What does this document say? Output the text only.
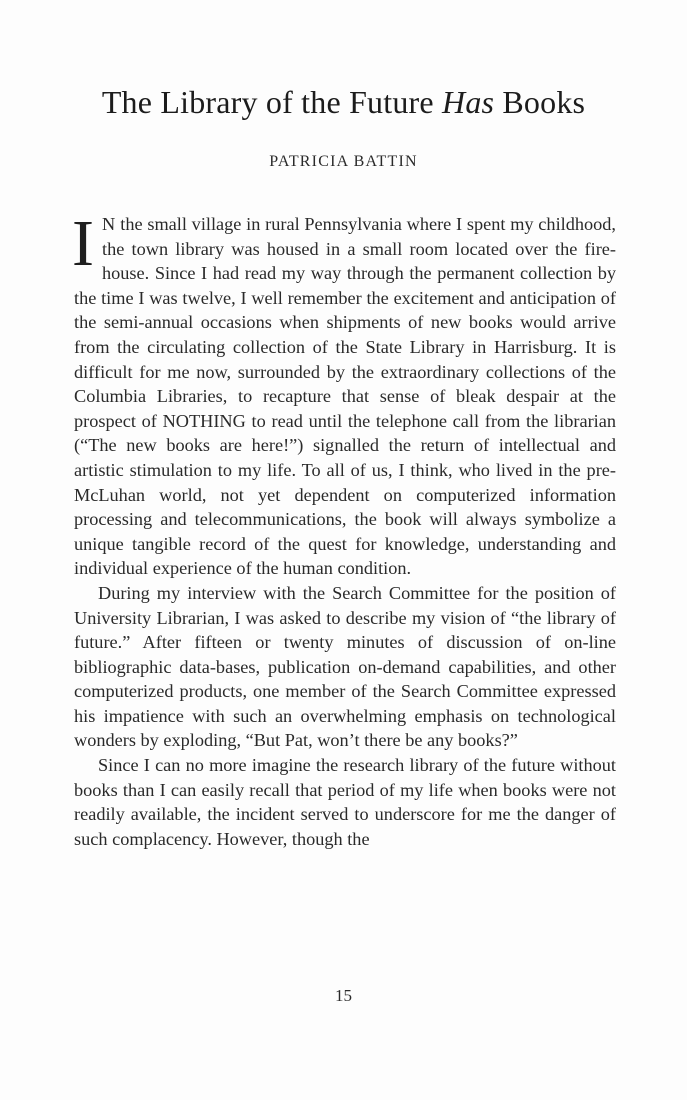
The Library of the Future Has Books
PATRICIA BATTIN

I N the small village in rural Pennsylvania where I spent my childhood, the town library was housed in a small room located over the fire-house. Since I had read my way through the permanent collection by the time I was twelve, I well remember the excitement and anticipation of the semi-annual occasions when shipments of new books would arrive from the circulating collection of the State Library in Harrisburg. It is difficult for me now, surrounded by the extraordinary collections of the Columbia Libraries, to recapture that sense of bleak despair at the prospect of NOTHING to read until the telephone call from the librarian (“The new books are here!”) signalled the return of intellectual and artistic stimulation to my life. To all of us, I think, who lived in the pre-McLuhan world, not yet dependent on computerized information processing and telecommunications, the book will always symbolize a unique tangible record of the quest for knowledge, understanding and individual experience of the human condition.

During my interview with the Search Committee for the position of University Librarian, I was asked to describe my vision of “the library of future.” After fifteen or twenty minutes of discussion of on-line bibliographic data-bases, publication on-demand capabilities, and other computerized products, one member of the Search Committee expressed his impatience with such an overwhelming emphasis on technological wonders by exploding, “But Pat, won’t there be any books?”

Since I can no more imagine the research library of the future without books than I can easily recall that period of my life when books were not readily available, the incident served to underscore for me the danger of such complacency. However, though the

15
